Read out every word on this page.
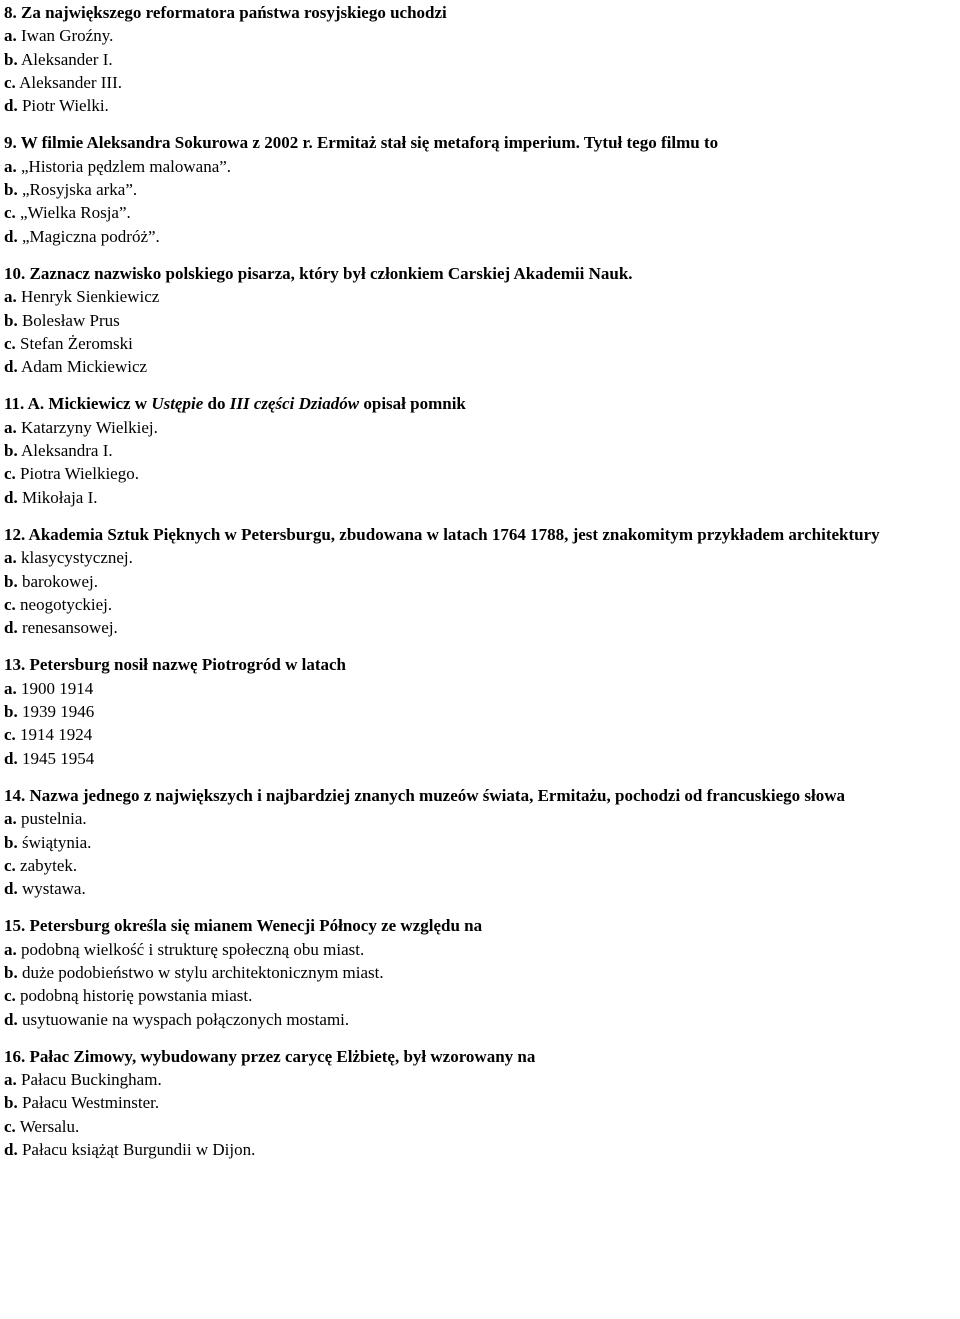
8. Za największego reformatora państwa rosyjskiego uchodzi
a. Iwan Groźny.
b. Aleksander I.
c. Aleksander III.
d. Piotr Wielki.
9. W filmie Aleksandra Sokurowa z 2002 r. Ermitaż stał się metaforą imperium. Tytuł tego filmu to
a. „Historia pędzlem malowana”.
b. „Rosyjska arka”.
c. „Wielka Rosja”.
d. „Magiczna podróż”.
10. Zaznacz nazwisko polskiego pisarza, który był członkiem Carskiej Akademii Nauk.
a. Henryk Sienkiewicz
b. Bolesław Prus
c. Stefan Żeromski
d. Adam Mickiewicz
11. A. Mickiewicz w Ustępie do III części Dziadów opisał pomnik
a. Katarzyny Wielkiej.
b. Aleksandra I.
c. Piotra Wielkiego.
d. Mikołaja I.
12. Akademia Sztuk Pięknych w Petersburgu, zbudowana w latach 1764 1788, jest znakomitym przykładem architektury
a. klasycystycznej.
b. barokowej.
c. neogotyckiej.
d. renesansowej.
13. Petersburg nosił nazwę Piotrogród w latach
a. 1900 1914
b. 1939 1946
c. 1914 1924
d. 1945 1954
14. Nazwa jednego z największych i najbardziej znanych muzeów świata, Ermitażu, pochodzi od francuskiego słowa
a. pustelnia.
b. świątynia.
c. zabytek.
d. wystawa.
15. Petersburg określa się mianem Wenecji Północy ze względu na
a. podobną wielkość i strukturę społeczną obu miast.
b. duże podobieństwo w stylu architektonicznym miast.
c. podobną historię powstania miast.
d. usytuowanie na wyspach połączonych mostami.
16. Pałac Zimowy, wybudowany przez carycę Elżbietę, był wzorowany na
a. Pałacu Buckingham.
b. Pałacu Westminster.
c. Wersalu.
d. Pałacu książąt Burgundii w Dijon.
